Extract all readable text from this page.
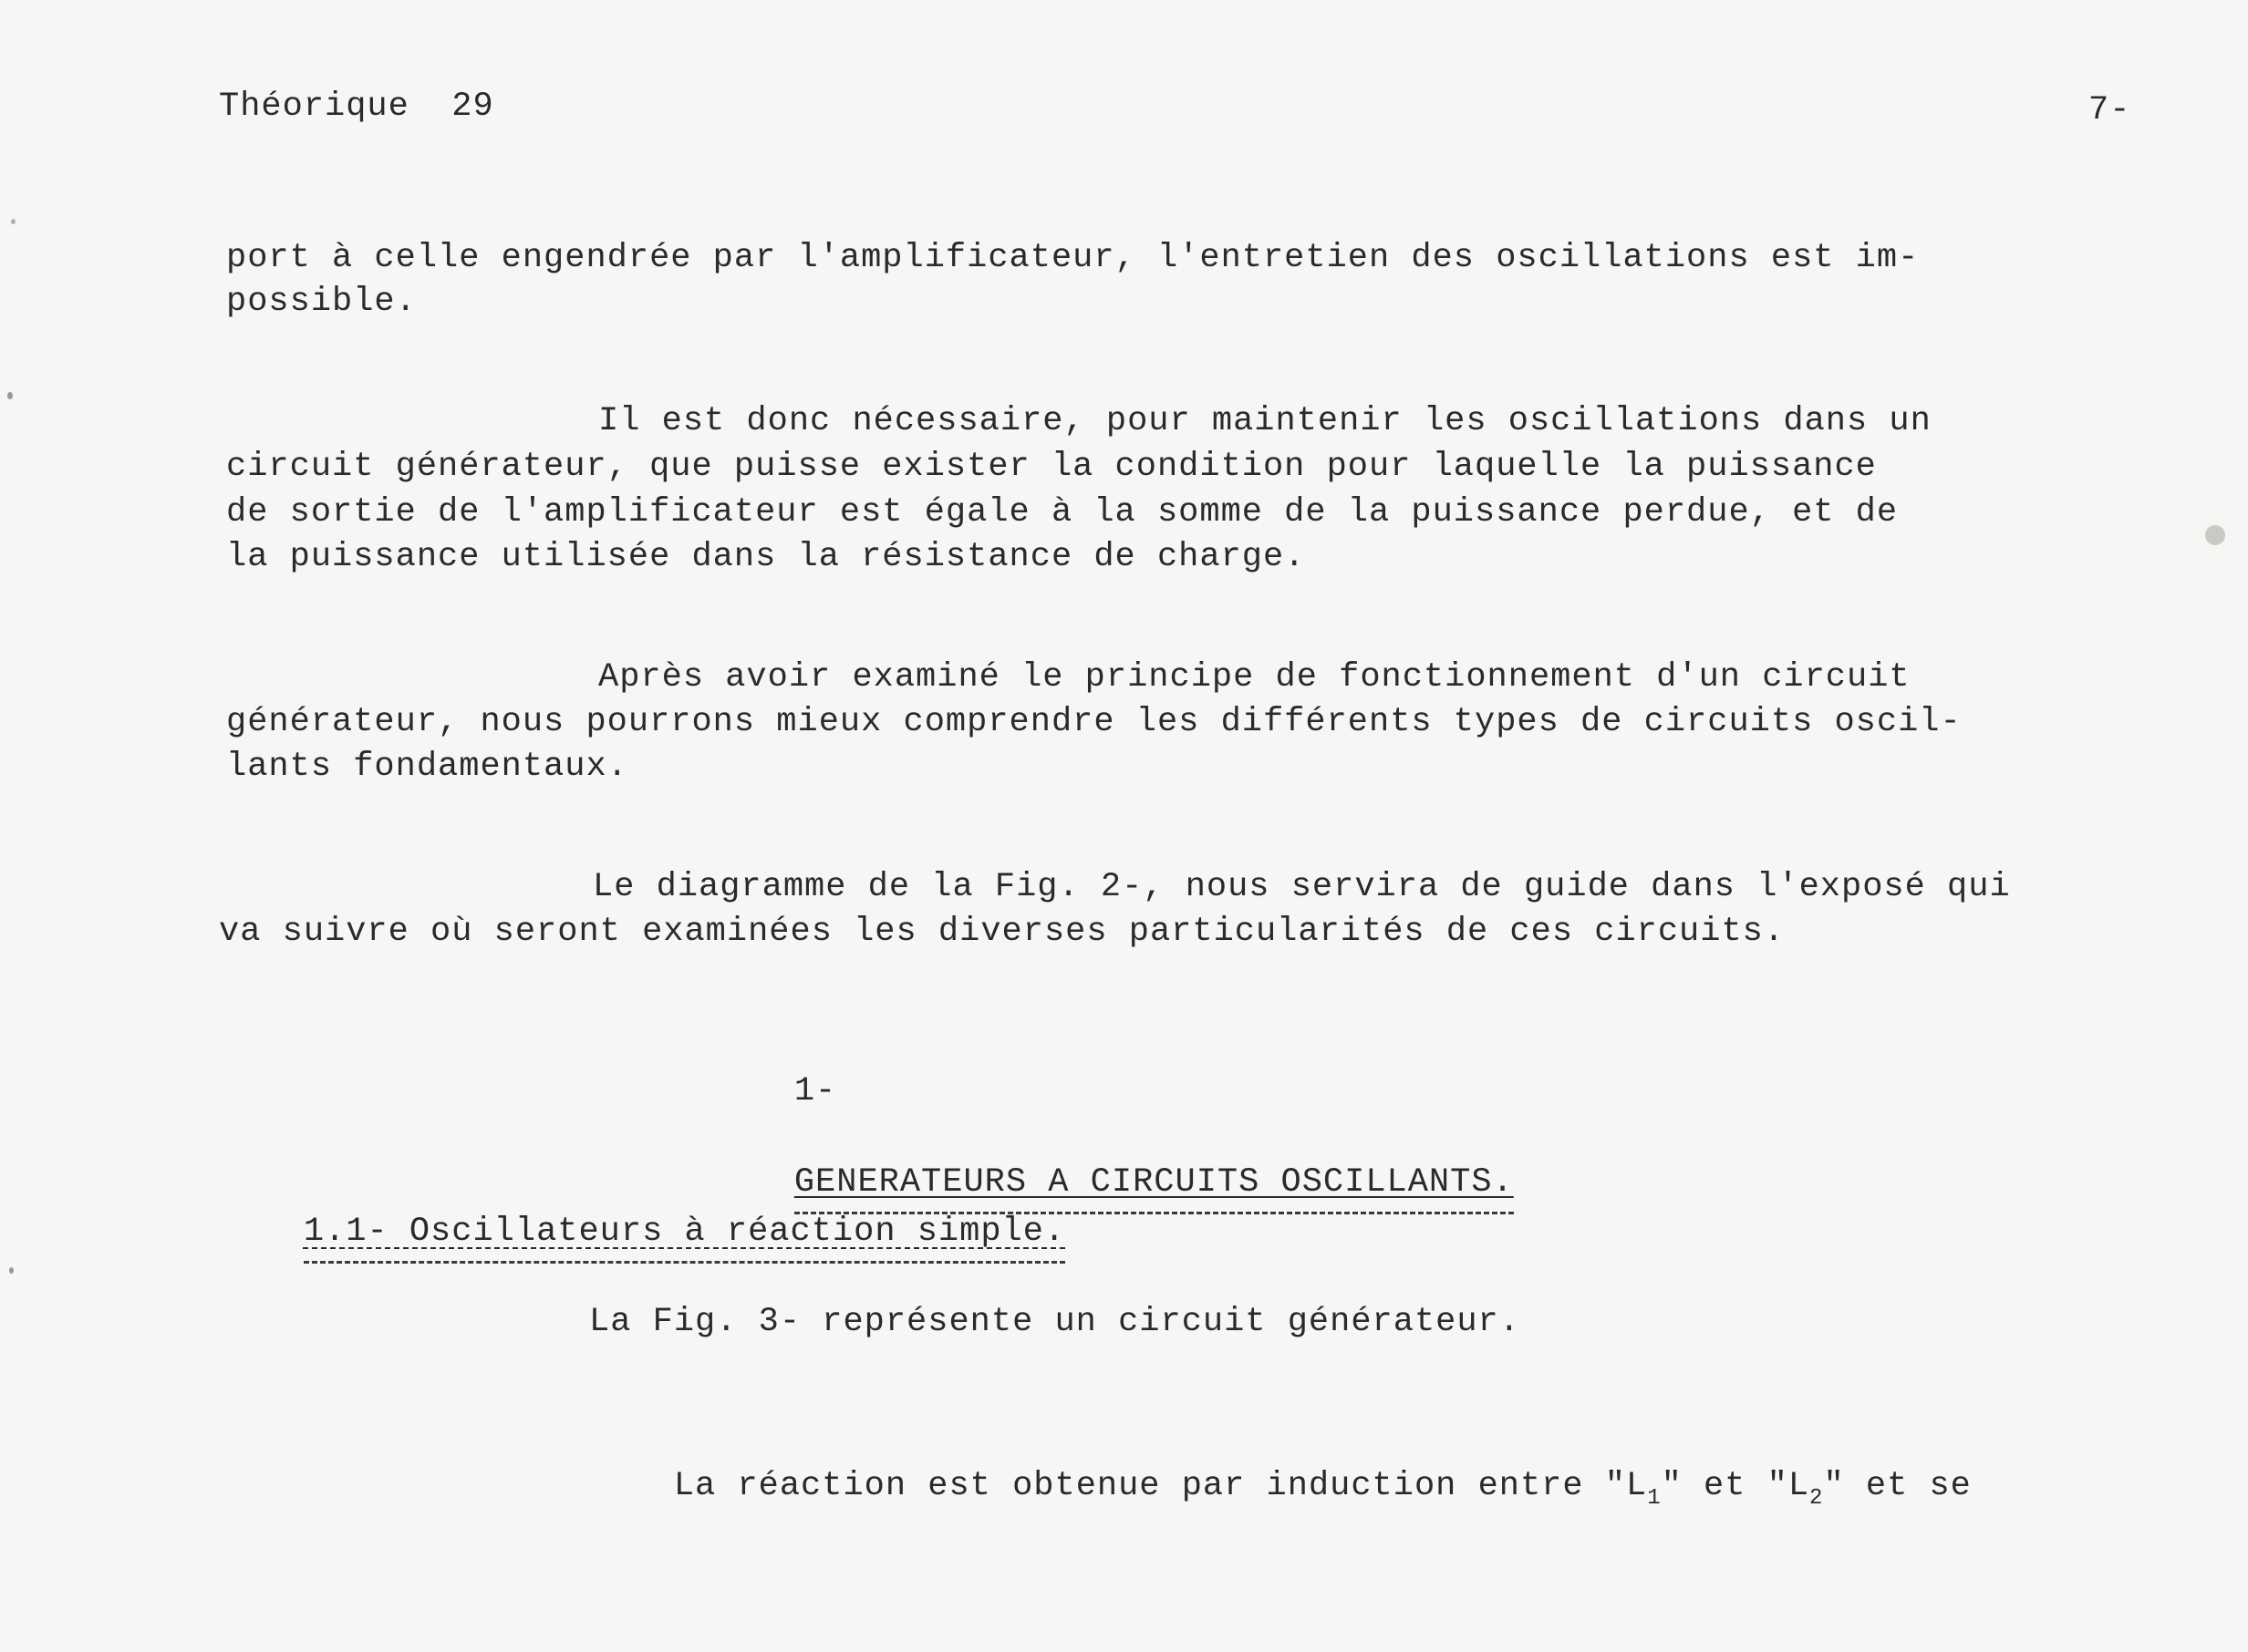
Théorique  29	7-
port à celle engendrée par l'amplificateur, l'entretien des oscillations est im-
possible.
Il est donc nécessaire, pour maintenir les oscillations dans un
circuit générateur, que puisse exister la condition pour laquelle la puissance
de sortie de l'amplificateur est égale à la somme de la puissance perdue, et de
la puissance utilisée dans la résistance de charge.
Après avoir examiné le principe de fonctionnement d'un circuit
générateur, nous pourrons mieux comprendre les différents types de circuits oscil-
lants fondamentaux.
Le diagramme de la Fig. 2-, nous servira de guide dans l'exposé qui
va suivre où seront examinées les diverses particularités de ces circuits.

1-

GENERATEURS A CIRCUITS OSCILLANTS.

1.1- Oscillateurs à réaction simple.

La Fig. 3- représente un circuit générateur.

La réaction est obtenue par induction entre "$L_1$" et "$L_2$" et se
